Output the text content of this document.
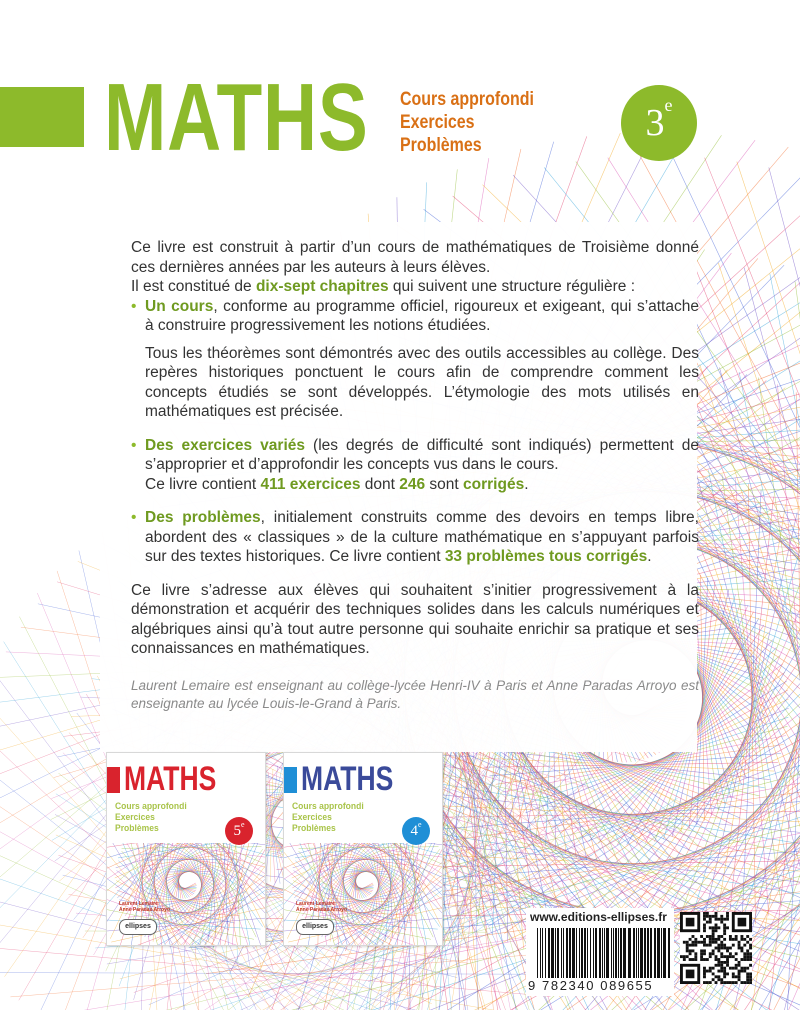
MATHS Cours approfondi
Exercices
Problèmes
3e

Ce livre est construit à partir d’un cours de mathématiques de Troisième donné ces dernières années par les auteurs à leurs élèves.
Il est constitué de dix-sept chapitres qui suivent une structure régulière :

• Un cours, conforme au programme officiel, rigoureux et exigeant, qui s’attache à construire progressivement les notions étudiées.

Tous les théorèmes sont démontrés avec des outils accessibles au collège. Des repères historiques ponctuent le cours afin de comprendre comment les concepts étudiés se sont développés. L’étymologie des mots utilisés en mathématiques est précisée.

• Des exercices variés (les degrés de difficulté sont indiqués) permettent de s’approprier et d’approfondir les concepts vus dans le cours.
Ce livre contient 411 exercices dont 246 sont corrigés.

• Des problèmes, initialement construits comme des devoirs en temps libre, abordent des « classiques » de la culture mathématique en s’appuyant parfois sur des textes historiques. Ce livre contient 33 problèmes tous corrigés.

Ce livre s’adresse aux élèves qui souhaitent s’initier progressivement à la démonstration et acquérir des techniques solides dans les calculs numériques et algébriques ainsi qu’à tout autre personne qui souhaite enrichir sa pratique et ses connaissances en mathématiques.

Laurent Lemaire est enseignant au collège-lycée Henri-IV à Paris et Anne Paradas Arroyo est enseignante au lycée Louis-le-Grand à Paris.

MATHS
Cours approfondi
Exercices
Problèmes	5e
Laurent Lemaire
Anne Paradas Arroyo
ellipses
MATHS
Cours approfondi
Exercices
Problèmes	4e
Laurent Lemaire
Anne Paradas Arroyo
ellipses
www.editions-ellipses.fr
9 782340 089655
